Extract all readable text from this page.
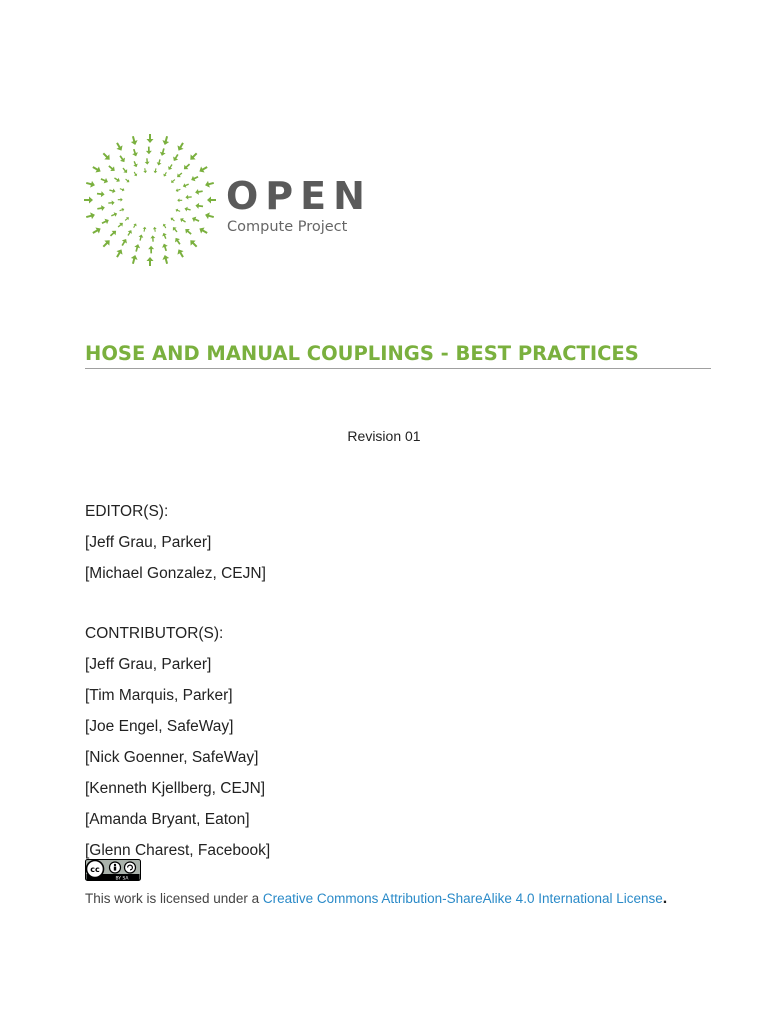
OPEN
Compute Project
HOSE AND MANUAL COUPLINGS - BEST PRACTICES
Revision 01
EDITOR(S):
[Jeff Grau, Parker]
[Michael Gonzalez, CEJN]
CONTRIBUTOR(S):
[Jeff Grau, Parker]
[Tim Marquis, Parker]
[Joe Engel, SafeWay]
[Nick Goenner, SafeWay]
[Kenneth Kjellberg, CEJN]
[Amanda Bryant, Eaton]
[Glenn Charest, Facebook]
cc
BY SA
This work is licensed under a Creative Commons Attribution-ShareAlike 4.0 International License.
